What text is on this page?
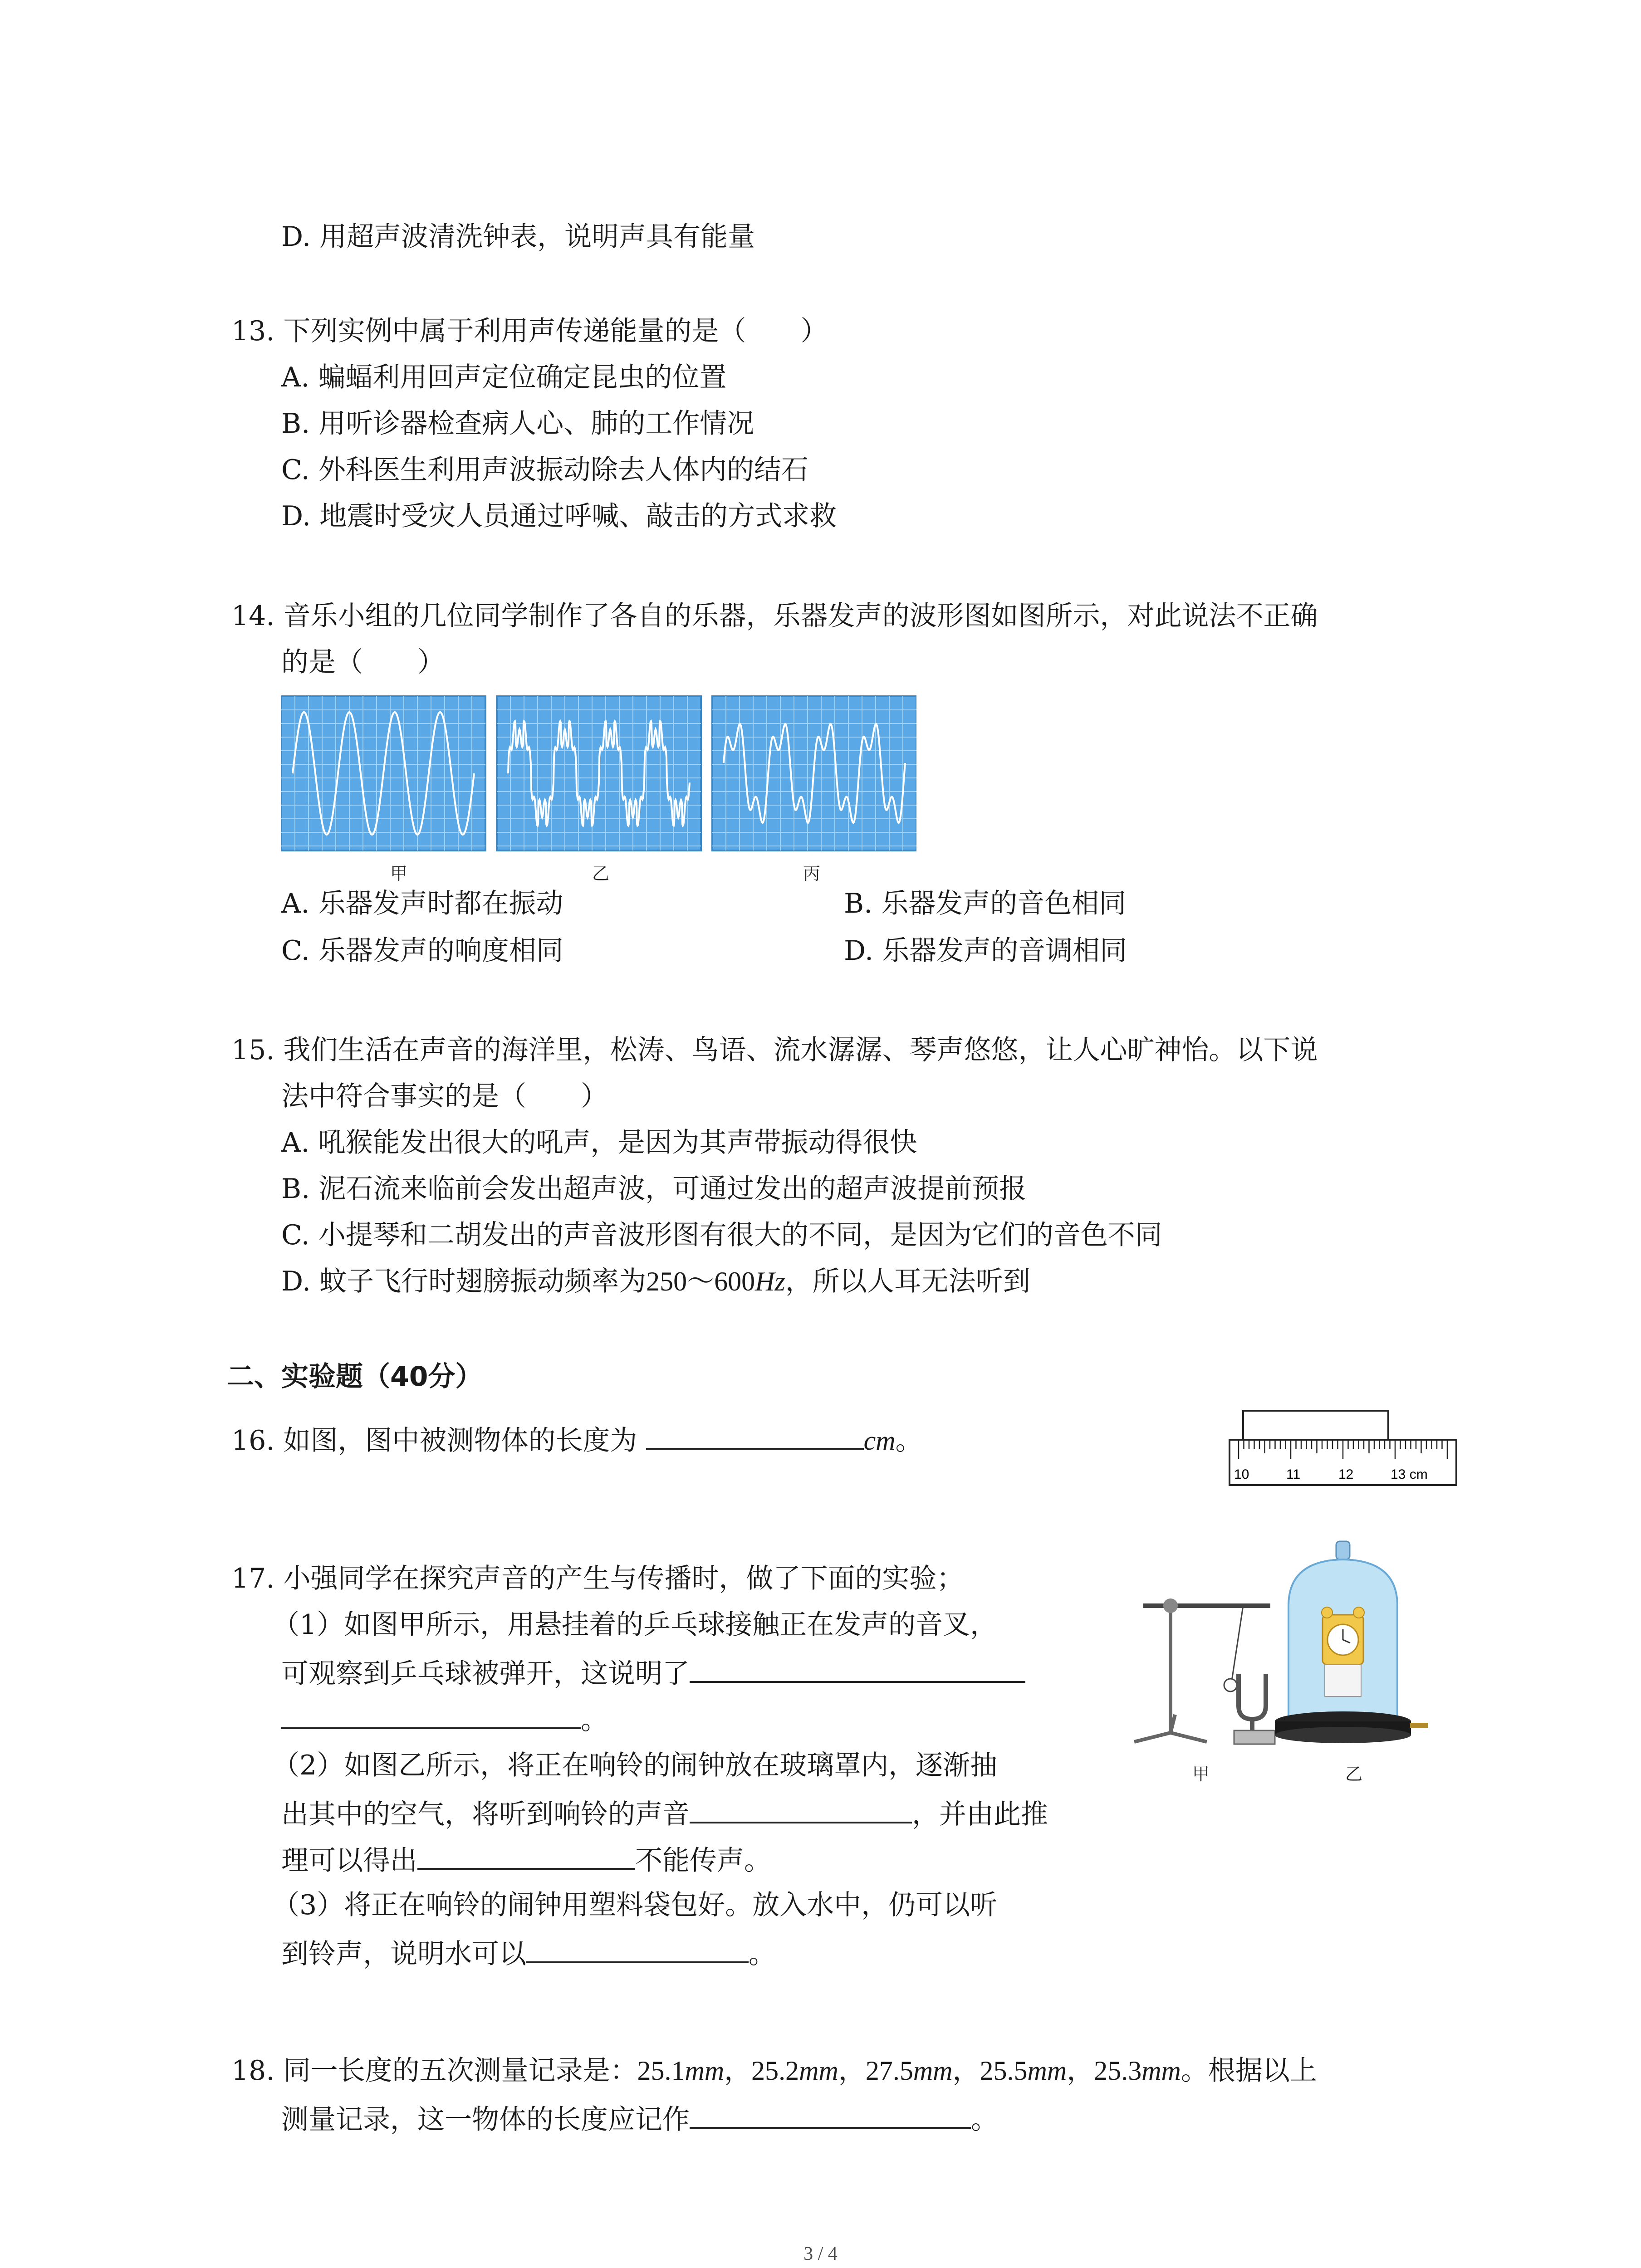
D. 用超声波清洗钟表，说明声具有能量
13. 下列实例中属于利用声传递能量的是（　　）
A. 蝙蝠利用回声定位确定昆虫的位置
B. 用听诊器检查病人心、肺的工作情况
C. 外科医生利用声波振动除去人体内的结石
D. 地震时受灾人员通过呼喊、敲击的方式求救
14. 音乐小组的几位同学制作了各自的乐器，乐器发声的波形图如图所示，对此说法不正确
的是（　　）
甲	乙	丙
A. 乐器发声时都在振动	B. 乐器发声的音色相同
C. 乐器发声的响度相同	D. 乐器发声的音调相同
15. 我们生活在声音的海洋里，松涛、鸟语、流水潺潺、琴声悠悠，让人心旷神怡。以下说
法中符合事实的是（　　）
A. 吼猴能发出很大的吼声，是因为其声带振动得很快
B. 泥石流来临前会发出超声波，可通过发出的超声波提前预报
C. 小提琴和二胡发出的声音波形图有很大的不同，是因为它们的音色不同
D. 蚊子飞行时翅膀振动频率为250～600Hz，所以人耳无法听到
二、实验题（40分）
16. 如图，图中被测物体的长度为	cm。
10	11	12	13 cm
17. 小强同学在探究声音的产生与传播时，做了下面的实验；
（1）如图甲所示，用悬挂着的乒乓球接触正在发声的音叉，
可观察到乒乓球被弹开，这说明了
。
（2）如图乙所示，将正在响铃的闹钟放在玻璃罩内，逐渐抽
出其中的空气，将听到响铃的声音	，并由此推
理可以得出	不能传声。
（3）将正在响铃的闹钟用塑料袋包好。放入水中，仍可以听
到铃声，说明水可以	。
甲	乙
18. 同一长度的五次测量记录是：25.1mm，25.2mm，27.5mm，25.5mm，25.3mm。根据以上
测量记录，这一物体的长度应记作	。
3 / 4
